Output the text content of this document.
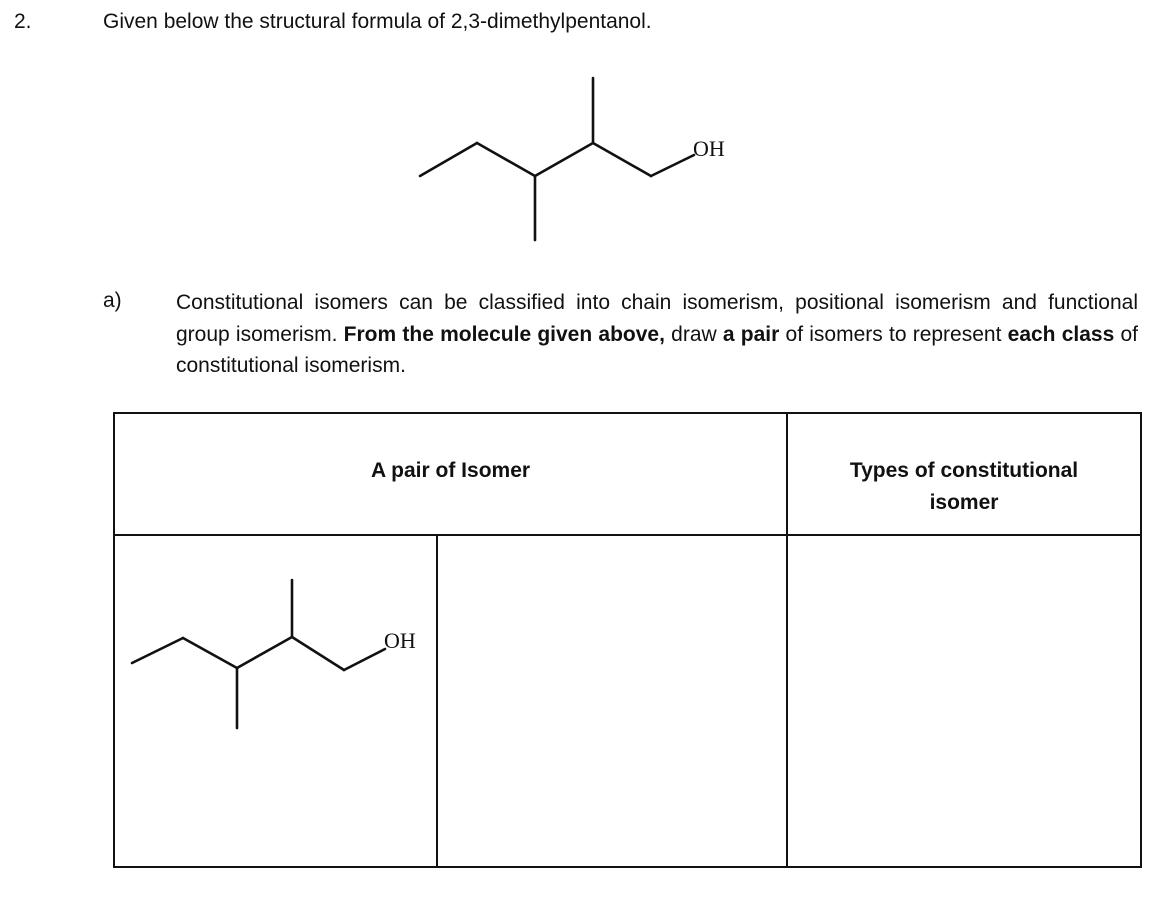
2.	Given below the structural formula of 2,3-dimethylpentanol.
OH
a)	Constitutional isomers can be classified into chain isomerism, positional isomerism and functional group isomerism. From the molecule given above, draw a pair of isomers to represent each class of constitutional isomerism.
A pair of Isomer	Types of constitutional
isomer
OH
